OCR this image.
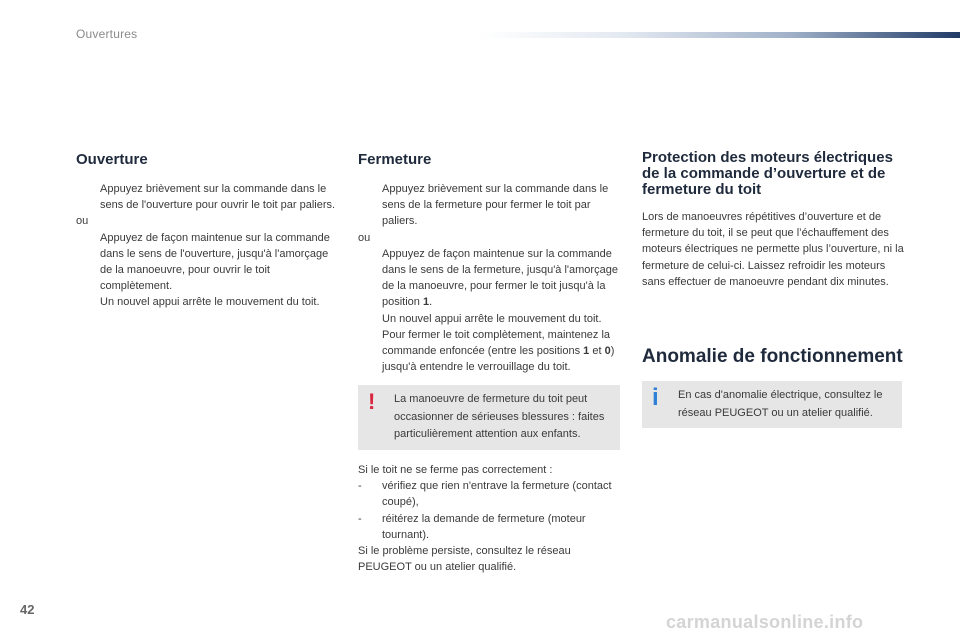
Ouvertures
Ouverture

Appuyez brièvement sur la commande dans le sens de l'ouverture pour ouvrir le toit par paliers.

ou

Appuyez de façon maintenue sur la commande dans le sens de l'ouverture, jusqu'à l'amorçage de la manoeuvre, pour ouvrir le toit complètement.
Un nouvel appui arrête le mouvement du toit.

Fermeture

Appuyez brièvement sur la commande dans le sens de la fermeture pour fermer le toit par paliers.

ou

Appuyez de façon maintenue sur la commande dans le sens de la fermeture, jusqu'à l'amorçage de la manoeuvre, pour fermer le toit jusqu'à la position 1.
Un nouvel appui arrête le mouvement du toit.

Pour fermer le toit complètement, maintenez la commande enfoncée (entre les positions 1 et 0) jusqu'à entendre le verrouillage du toit.

! La manoeuvre de fermeture du toit peut occasionner de sérieuses blessures : faites particulièrement attention aux enfants.

Si le toit ne se ferme pas correctement :

- vérifiez que rien n'entrave la fermeture (contact coupé),

- réitérez la demande de fermeture (moteur tournant).

Si le problème persiste, consultez le réseau PEUGEOT ou un atelier qualifié.

Protection des moteurs électriques de la commande d’ouverture et de fermeture du toit

Lors de manoeuvres répétitives d’ouverture et de fermeture du toit, il se peut que l’échauffement des moteurs électriques ne permette plus l’ouverture, ni la fermeture de celui-ci. Laissez refroidir les moteurs sans effectuer de manoeuvre pendant dix minutes.

Anomalie de fonctionnement
i En cas d'anomalie électrique, consultez le réseau PEUGEOT ou un atelier qualifié.
42
carmanualsonline.info
